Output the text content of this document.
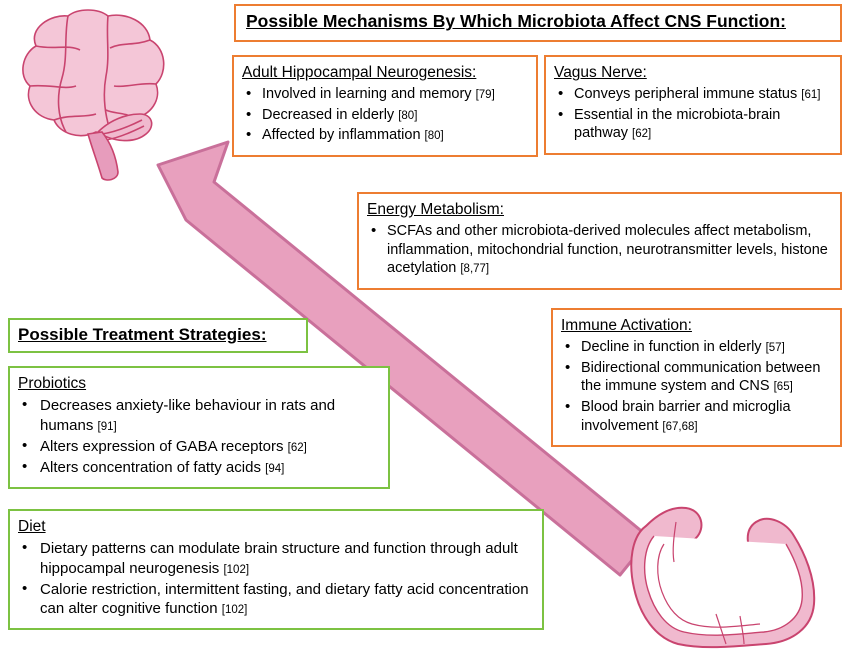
Possible Mechanisms By Which Microbiota Affect CNS Function:
Adult Hippocampal Neurogenesis:
• Involved in learning and memory [79]
• Decreased in elderly [80]
• Affected by inflammation [80]
Vagus Nerve:
• Conveys peripheral immune status [61]
• Essential in the microbiota-brain pathway [62]
Energy Metabolism:
• SCFAs and other microbiota-derived molecules affect metabolism, inflammation, mitochondrial function, neurotransmitter levels, histone acetylation [8,77]
Immune Activation:
• Decline in function in elderly [57]
• Bidirectional communication between the immune system and CNS [65]
• Blood brain barrier and microglia involvement [67,68]
Possible Treatment Strategies:
Probiotics
• Decreases anxiety-like behaviour in rats and humans [91]
• Alters expression of GABA receptors [62]
• Alters concentration of fatty acids [94]
Diet
• Dietary patterns can modulate brain structure and function through adult hippocampal neurogenesis [102]
• Calorie restriction, intermittent fasting, and dietary fatty acid concentration can alter cognitive function [102]
